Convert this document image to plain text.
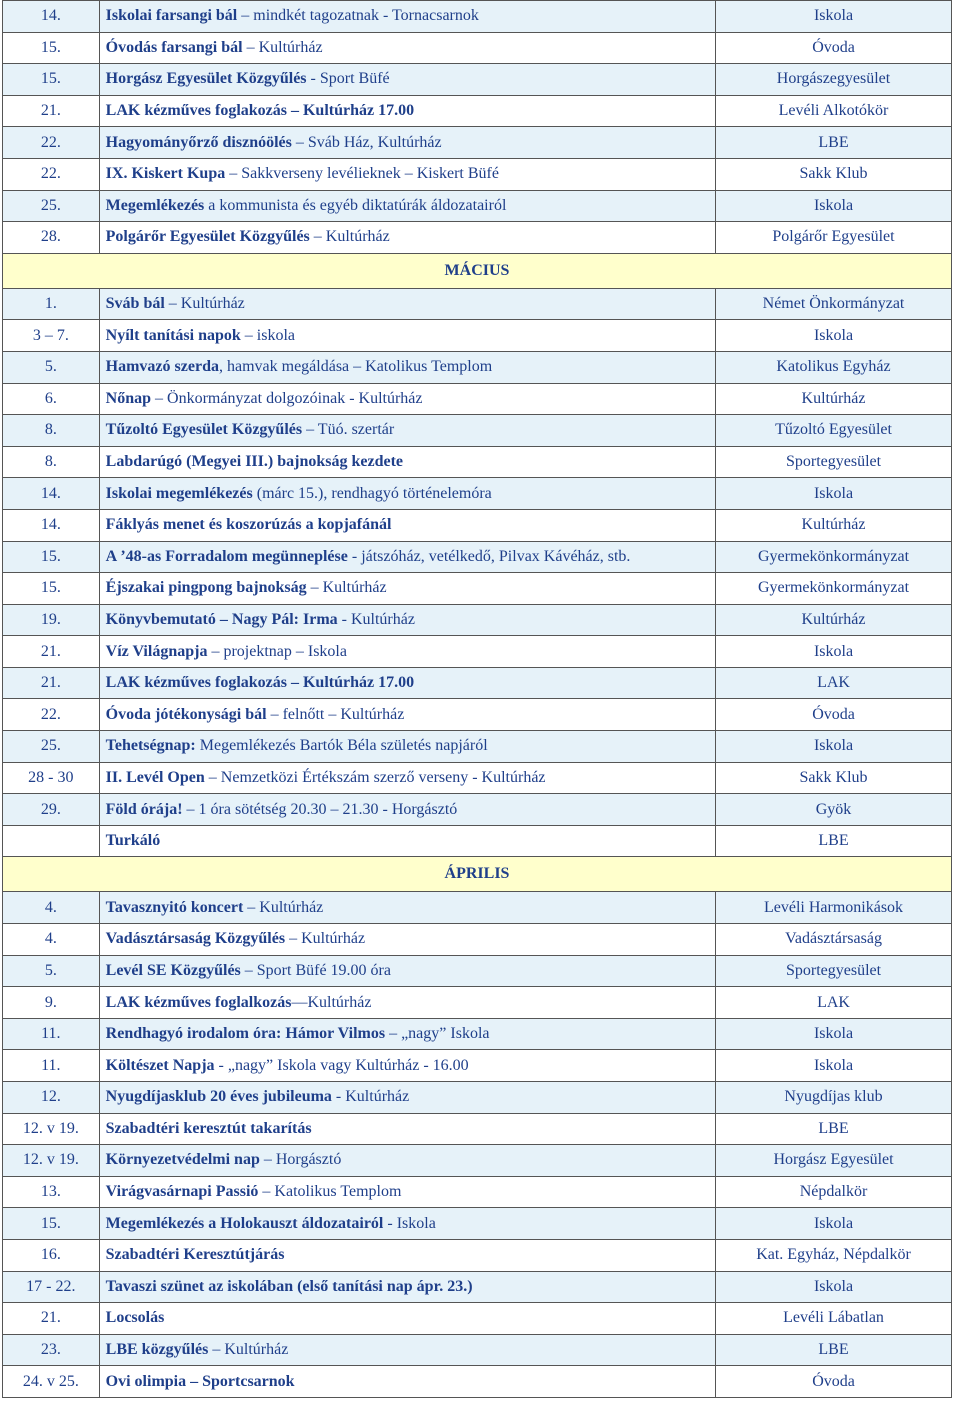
14.	Iskolai farsangi bál – mindkét tagozatnak - Tornacsarnok	Iskola
15.	Óvodás farsangi bál – Kultúrház	Óvoda
15.	Horgász Egyesület Közgyűlés - Sport Büfé	Horgászegyesület
21.	LAK kézműves foglakozás – Kultúrház 17.00	Levéli Alkotókör
22.	Hagyományőrző disznóölés – Sváb Ház, Kultúrház	LBE
22.	IX. Kiskert Kupa – Sakkverseny levélieknek – Kiskert Büfé	Sakk Klub
25.	Megemlékezés a kommunista és egyéb diktatúrák áldozatairól	Iskola
28.	Polgárőr Egyesület Közgyűlés – Kultúrház	Polgárőr Egyesület
MÁCIUS		
1.	Sváb bál – Kultúrház	Német Önkormányzat
3 – 7.	Nyílt tanítási napok – iskola	Iskola
5.	Hamvazó szerda, hamvak megáldása – Katolikus Templom	Katolikus Egyház
6.	Nőnap – Önkormányzat dolgozóinak - Kultúrház	Kultúrház
8.	Tűzoltó Egyesület Közgyűlés – Tüó. szertár	Tűzoltó Egyesület
8.	Labdarúgó (Megyei III.) bajnokság kezdete	Sportegyesület
14.	Iskolai megemlékezés (márc 15.), rendhagyó történelemóra	Iskola
14.	Fáklyás menet és koszorúzás a kopjafánál	Kultúrház
15.	A ’48-as Forradalom megünneplése - játszóház, vetélkedő, Pilvax Kávéház, stb.	Gyermekönkormányzat
15.	Éjszakai pingpong bajnokság – Kultúrház	Gyermekönkormányzat
19.	Könyvbemutató – Nagy Pál: Irma - Kultúrház	Kultúrház
21.	Víz Világnapja – projektnap – Iskola	Iskola
21.	LAK kézműves foglakozás – Kultúrház 17.00	LAK
22.	Óvoda jótékonysági bál – felnőtt – Kultúrház	Óvoda
25.	Tehetségnap: Megemlékezés Bartók Béla születés napjáról	Iskola
28 - 30	II. Levél Open – Nemzetközi Értékszám szerző verseny - Kultúrház	Sakk Klub
29.	Föld órája! – 1 óra sötétség 20.30 – 21.30 - Horgásztó	Gyök
	Turkáló	LBE
ÁPRILIS		
4.	Tavasznyitó koncert – Kultúrház	Levéli Harmonikások
4.	Vadásztársaság Közgyűlés – Kultúrház	Vadásztársaság
5.	Levél SE Közgyűlés – Sport Büfé 19.00 óra	Sportegyesület
9.	LAK kézműves foglalkozás—Kultúrház	LAK
11.	Rendhagyó irodalom óra: Hámor Vilmos – „nagy” Iskola	Iskola
11.	Költészet Napja - „nagy” Iskola vagy Kultúrház - 16.00	Iskola
12.	Nyugdíjasklub 20 éves jubileuma - Kultúrház	Nyugdíjas klub
12. v 19.	Szabadtéri keresztút takarítás	LBE
12. v 19.	Környezetvédelmi nap – Horgásztó	Horgász Egyesület
13.	Virágvasárnapi Passió – Katolikus Templom	Népdalkör
15.	Megemlékezés a Holokauszt áldozatairól - Iskola	Iskola
16.	Szabadtéri Keresztútjárás	Kat. Egyház, Népdalkör
17 - 22.	Tavaszi szünet az iskolában (első tanítási nap ápr. 23.)	Iskola
21.	Locsolás	Levéli Lábatlan
23.	LBE közgyűlés – Kultúrház	LBE
24. v 25.	Ovi olimpia – Sportcsarnok	Óvoda
